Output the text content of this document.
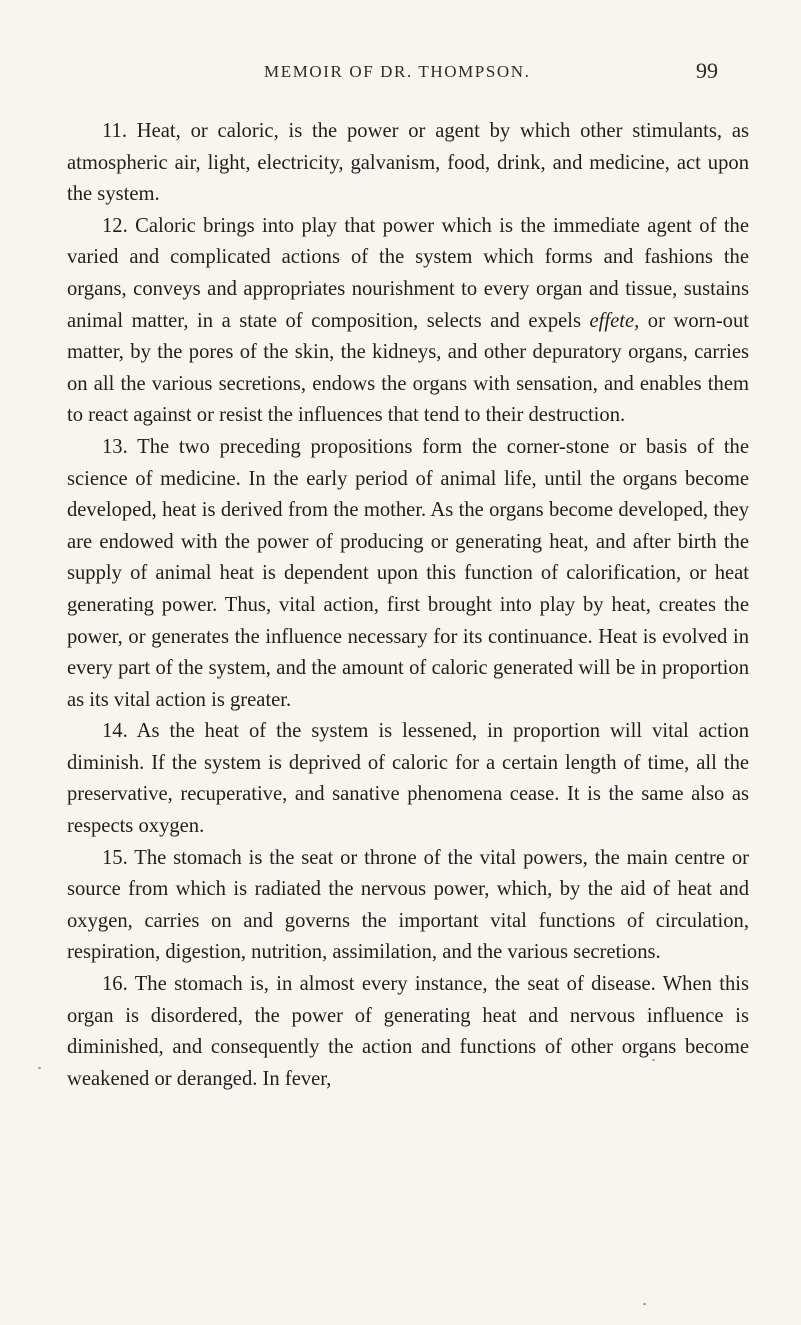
MEMOIR OF DR. THOMPSON.	99

11. Heat, or caloric, is the power or agent by which other stimulants, as atmospheric air, light, electricity, galvanism, food, drink, and medicine, act upon the system.

12. Caloric brings into play that power which is the immediate agent of the varied and complicated actions of the system which forms and fashions the organs, conveys and appropriates nourishment to every organ and tissue, sustains animal matter, in a state of composition, selects and expels effete, or worn-out matter, by the pores of the skin, the kidneys, and other depuratory organs, carries on all the various secretions, endows the organs with sensation, and enables them to react against or resist the influences that tend to their destruction.

13. The two preceding propositions form the corner-stone or basis of the science of medicine. In the early period of animal life, until the organs become developed, heat is derived from the mother. As the organs become developed, they are endowed with the power of producing or generating heat, and after birth the supply of animal heat is dependent upon this function of calorification, or heat generating power. Thus, vital action, first brought into play by heat, creates the power, or generates the influence necessary for its continuance. Heat is evolved in every part of the system, and the amount of caloric generated will be in proportion as its vital action is greater.

14. As the heat of the system is lessened, in proportion will vital action diminish. If the system is deprived of caloric for a certain length of time, all the preservative, recuperative, and sanative phenomena cease. It is the same also as respects oxygen.

15. The stomach is the seat or throne of the vital powers, the main centre or source from which is radiated the nervous power, which, by the aid of heat and oxygen, carries on and governs the important vital functions of circulation, respiration, digestion, nutrition, assimilation, and the various secretions.

16. The stomach is, in almost every instance, the seat of disease. When this organ is disordered, the power of generating heat and nervous influence is diminished, and consequently the action and functions of other organs become weakened or deranged. In fever,
